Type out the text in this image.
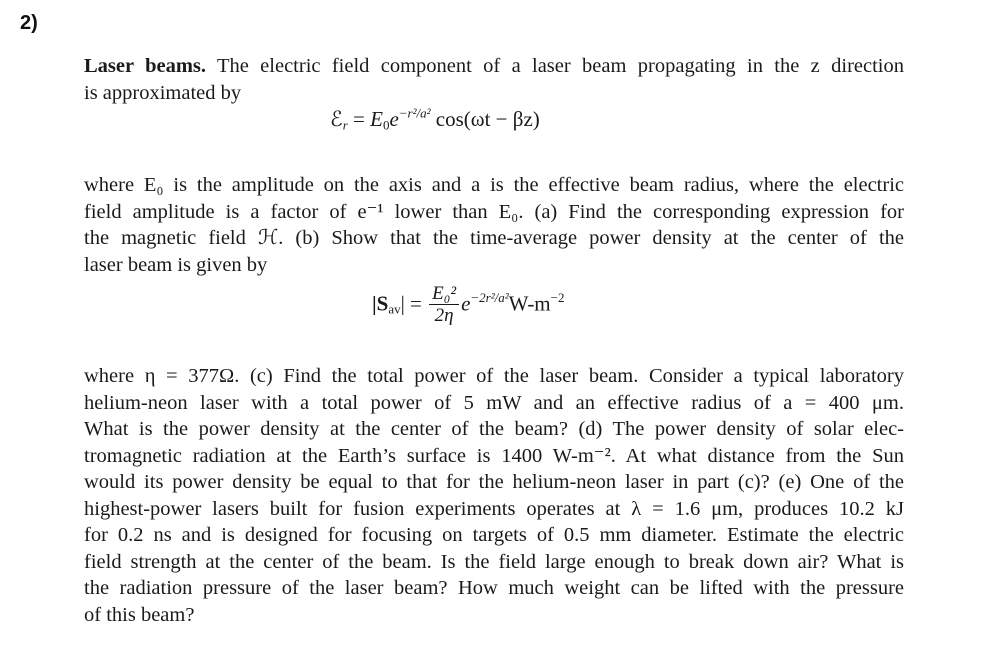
2)
Laser beams. The electric field component of a laser beam propagating in the z direction
is approximated by
ℰ$_r$ = $E_0e^{-r^2/a^2}$ cos(ωt − βz)
where E₀ is the amplitude on the axis and a is the effective beam radius, where the electric
field amplitude is a factor of e⁻¹ lower than E₀. (a) Find the corresponding expression for
the magnetic field ℋ. (b) Show that the time-average power density at the center of the
laser beam is given by
$|S_{av}| = \frac{\text{E₀²}}{2\eta} e^{-2r^2/a^2}W-m^{-2}$
where η = 377Ω. (c) Find the total power of the laser beam. Consider a typical laboratory
helium-neon laser with a total power of 5 mW and an effective radius of a = 400 μm.
What is the power density at the center of the beam? (d) The power density of solar elec-
tromagnetic radiation at the Earth’s surface is 1400 W-m⁻². At what distance from the Sun
would its power density be equal to that for the helium-neon laser in part (c)? (e) One of the
highest-power lasers built for fusion experiments operates at λ = 1.6 μm, produces 10.2 kJ
for 0.2 ns and is designed for focusing on targets of 0.5 mm diameter. Estimate the electric
field strength at the center of the beam. Is the field large enough to break down air? What is
the radiation pressure of the laser beam? How much weight can be lifted with the pressure
of this beam?
